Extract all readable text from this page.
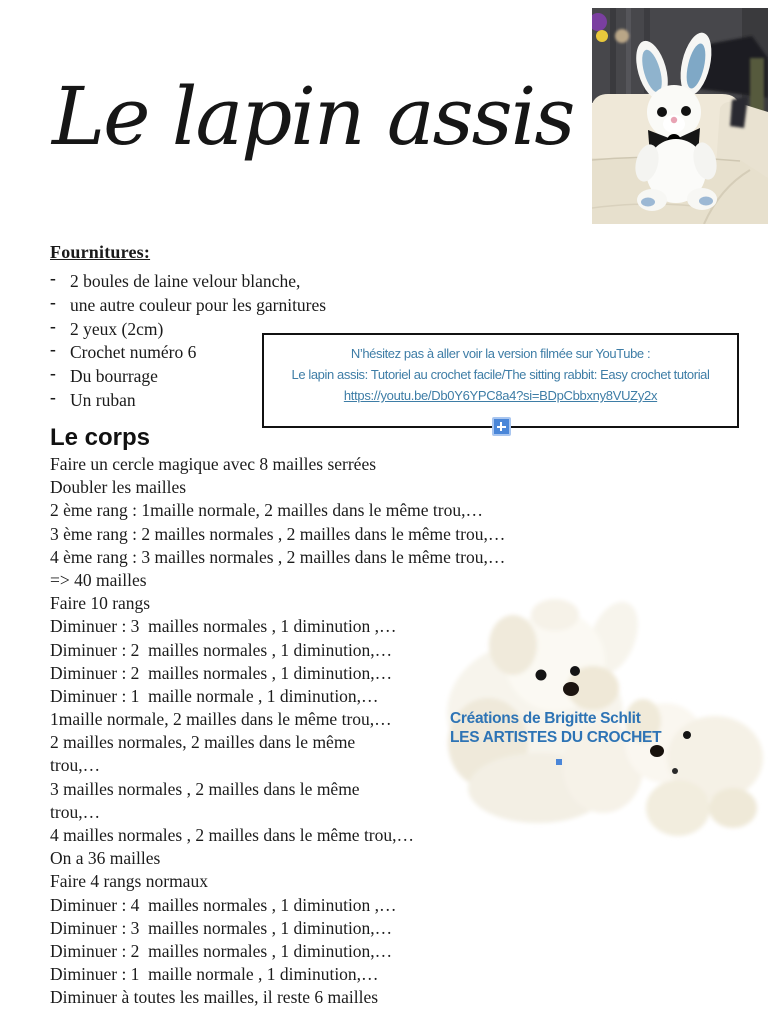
Le lapin assis
Fournitures:
- 2 boules de laine velour blanche,
- une autre couleur pour les garnitures
- 2 yeux (2cm)
- Crochet numéro 6
- Du bourrage
- Un ruban
N’hésitez pas à aller voir la version filmée sur YouTube :
Le lapin assis: Tutoriel au crochet facile/The sitting rabbit: Easy crochet tutorial
https://youtu.be/Db0Y6YPC8a4?si=BDpCbbxny8VUZy2x
Le corps
Faire un cercle magique avec 8 mailles serrées
Doubler les mailles
2 ème rang : 1maille normale, 2 mailles dans le même trou,…
3 ème rang : 2 mailles normales , 2 mailles dans le même trou,…
4 ème rang : 3 mailles normales , 2 mailles dans le même trou,…
=> 40 mailles
Faire 10 rangs
Diminuer : 3  mailles normales , 1 diminution ,…
Diminuer : 2  mailles normales , 1 diminution,…
Diminuer : 2  mailles normales , 1 diminution,…
Diminuer : 1  maille normale , 1 diminution,…
1maille normale, 2 mailles dans le même trou,…
2 mailles normales, 2 mailles dans le même
trou,…
3 mailles normales , 2 mailles dans le même
trou,…
4 mailles normales , 2 mailles dans le même trou,…
On a 36 mailles
Faire 4 rangs normaux
Diminuer : 4  mailles normales , 1 diminution ,…
Diminuer : 3  mailles normales , 1 diminution,…
Diminuer : 2  mailles normales , 1 diminution,…
Diminuer : 1  maille normale , 1 diminution,…
Diminuer à toutes les mailles, il reste 6 mailles
Créations de Brigitte Schlit
LES ARTISTES DU CROCHET
